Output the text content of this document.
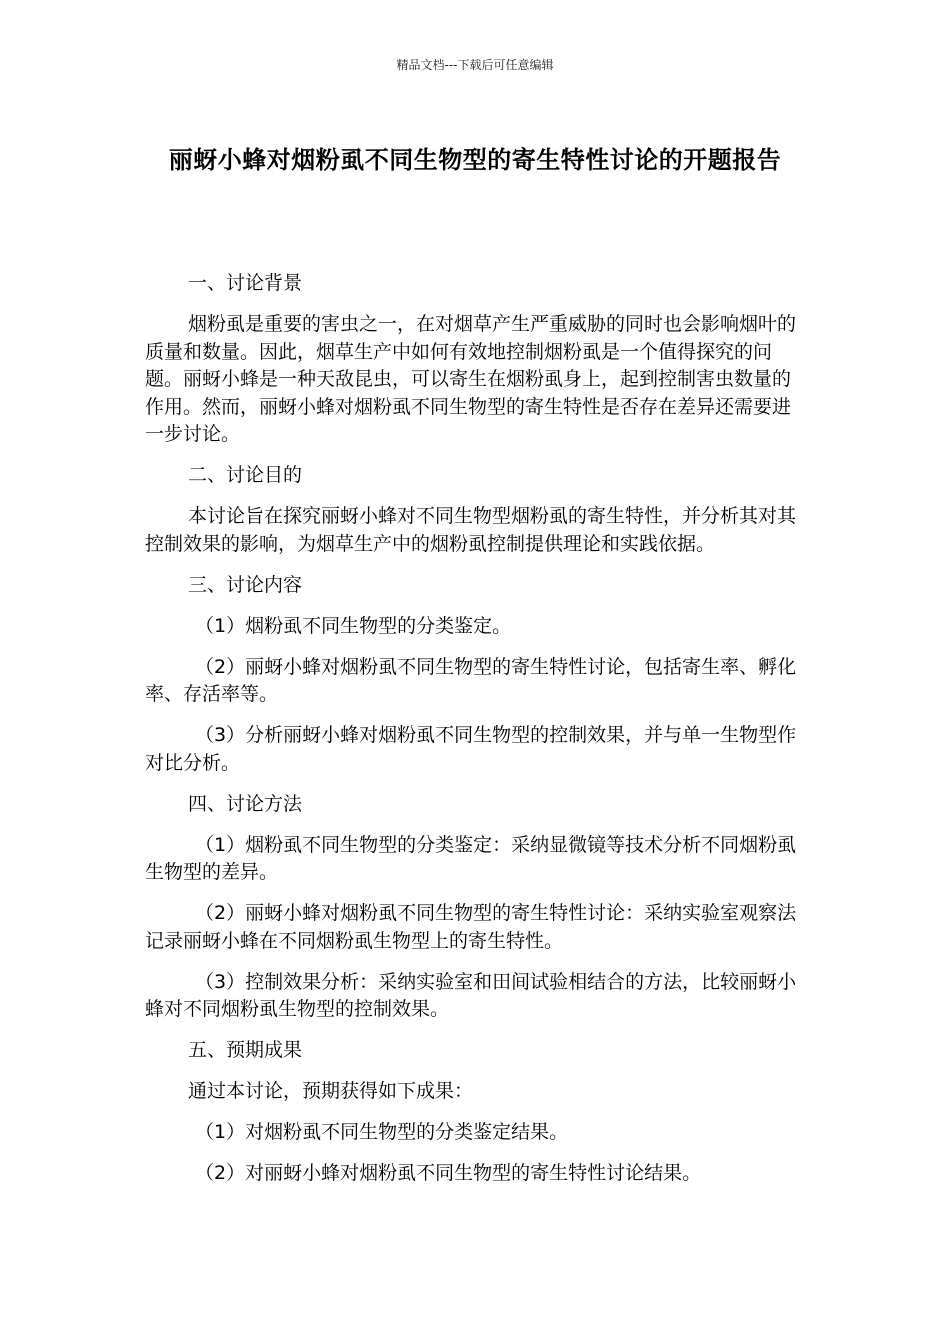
精品文档---下载后可任意编辑
丽蚜小蜂对烟粉虱不同生物型的寄生特性讨论的开题报告

一、讨论背景

烟粉虱是重要的害虫之一，在对烟草产生严重威胁的同时也会影响烟叶的质量和数量。因此，烟草生产中如何有效地控制烟粉虱是一个值得探究的问题。丽蚜小蜂是一种天敌昆虫，可以寄生在烟粉虱身上，起到控制害虫数量的作用。然而，丽蚜小蜂对烟粉虱不同生物型的寄生特性是否存在差异还需要进一步讨论。

二、讨论目的

本讨论旨在探究丽蚜小蜂对不同生物型烟粉虱的寄生特性，并分析其对其控制效果的影响，为烟草生产中的烟粉虱控制提供理论和实践依据。

三、讨论内容

（1）烟粉虱不同生物型的分类鉴定。

（2）丽蚜小蜂对烟粉虱不同生物型的寄生特性讨论，包括寄生率、孵化率、存活率等。

（3）分析丽蚜小蜂对烟粉虱不同生物型的控制效果，并与单一生物型作对比分析。

四、讨论方法

（1）烟粉虱不同生物型的分类鉴定：采纳显微镜等技术分析不同烟粉虱生物型的差异。

（2）丽蚜小蜂对烟粉虱不同生物型的寄生特性讨论：采纳实验室观察法记录丽蚜小蜂在不同烟粉虱生物型上的寄生特性。

（3）控制效果分析：采纳实验室和田间试验相结合的方法，比较丽蚜小蜂对不同烟粉虱生物型的控制效果。

五、预期成果

通过本讨论，预期获得如下成果：

（1）对烟粉虱不同生物型的分类鉴定结果。

（2）对丽蚜小蜂对烟粉虱不同生物型的寄生特性讨论结果。
